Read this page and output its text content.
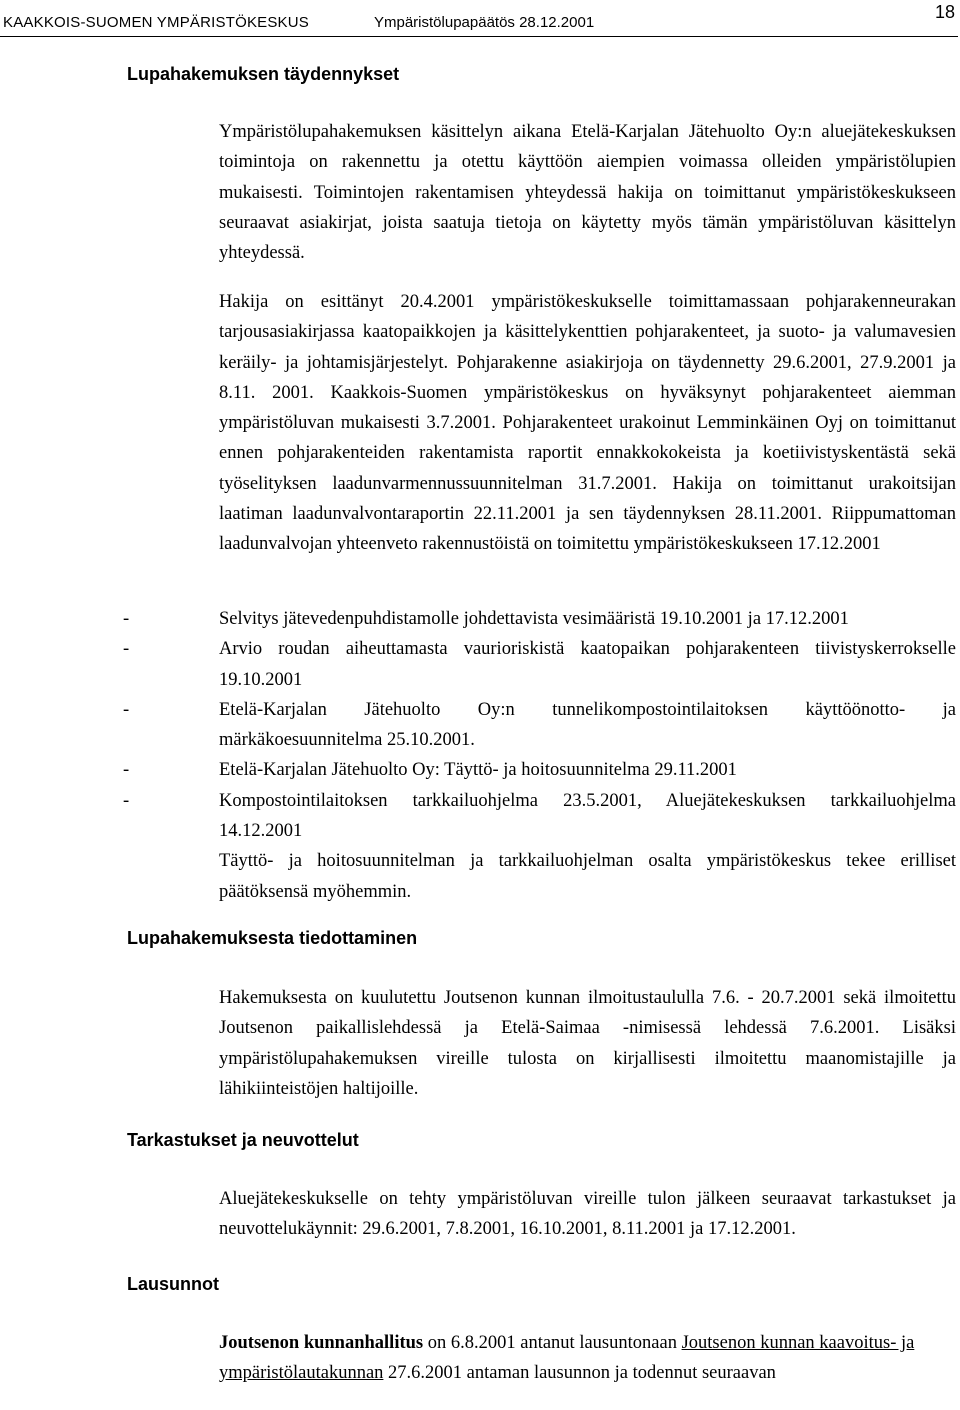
KAAKKOIS-SUOMEN YMPÄRISTÖKESKUS	Ympäristölupapäätös 28.12.2001
18
Lupahakemuksen täydennykset

Ympäristölupahakemuksen käsittelyn aikana Etelä-Karjalan Jätehuolto Oy:n aluejätekeskuksen toimintoja on rakennettu ja otettu käyttöön aiempien voimassa olleiden ympäristölupien mukaisesti. Toimintojen rakentamisen yhteydessä hakija on toimittanut ympäristökeskukseen seuraavat asiakirjat, joista saatuja tietoja on käytetty myös tämän ympäristöluvan käsittelyn yhteydessä.

Hakija on esittänyt 20.4.2001 ympäristökeskukselle toimittamassaan pohjarakenneurakan tarjousasiakirjassa kaatopaikkojen ja käsittelykenttien pohjarakenteet, ja suoto- ja valumavesien keräily- ja johtamisjärjestelyt. Pohjarakenne asiakirjoja on täydennetty 29.6.2001, 27.9.2001 ja 8.11. 2001. Kaakkois-Suomen ympäristökeskus on hyväksynyt pohjarakenteet aiemman ympäristöluvan mukaisesti 3.7.2001. Pohjarakenteet urakoinut Lemminkäinen Oyj on toimittanut ennen pohjarakenteiden rakentamista raportit ennakkokokeista ja koetiivistyskentästä sekä työselityksen laadunvarmennussuunnitelman 31.7.2001. Hakija on toimittanut urakoitsijan laatiman laadunvalvontaraportin 22.11.2001 ja sen täydennyksen 28.11.2001. Riippumattoman laadunvalvojan yhteenveto rakennustöistä on toimitettu ympäristökeskukseen 17.12.2001

-	Selvitys jätevedenpuhdistamolle johdettavista vesimääristä 19.10.2001 ja 17.12.2001
-	Arvio roudan aiheuttamasta vaurioriskistä kaatopaikan pohjarakenteen tiivistyskerrokselle 19.10.2001
-	Etelä-Karjalan Jätehuolto Oy:n tunnelikompostointilaitoksen käyttöönotto- ja märkäkoesuunnitelma 25.10.2001.
-	Etelä-Karjalan Jätehuolto Oy: Täyttö- ja hoitosuunnitelma 29.11.2001
-	Kompostointilaitoksen tarkkailuohjelma 23.5.2001, Aluejätekeskuksen tarkkailuohjelma 14.12.2001
Täyttö- ja hoitosuunnitelman ja tarkkailuohjelman osalta ympäristökeskus tekee erilliset päätöksensä myöhemmin.
Lupahakemuksesta tiedottaminen

Hakemuksesta on kuulutettu Joutsenon kunnan ilmoitustaululla 7.6. - 20.7.2001 sekä ilmoitettu Joutsenon paikallislehdessä ja Etelä-Saimaa -nimisessä lehdessä 7.6.2001. Lisäksi ympäristölupahakemuksen vireille tulosta on kirjallisesti ilmoitettu maanomistajille ja lähikiinteistöjen haltijoille.

Tarkastukset ja neuvottelut

Aluejätekeskukselle on tehty ympäristöluvan vireille tulon jälkeen seuraavat tarkastukset ja neuvottelukäynnit: 29.6.2001, 7.8.2001, 16.10.2001, 8.11.2001 ja 17.12.2001.

Lausunnot

Joutsenon kunnanhallitus on 6.8.2001 antanut lausuntonaan Joutsenon kunnan kaavoitus- ja ympäristölautakunnan 27.6.2001 antaman lausunnon ja todennut seuraavan
